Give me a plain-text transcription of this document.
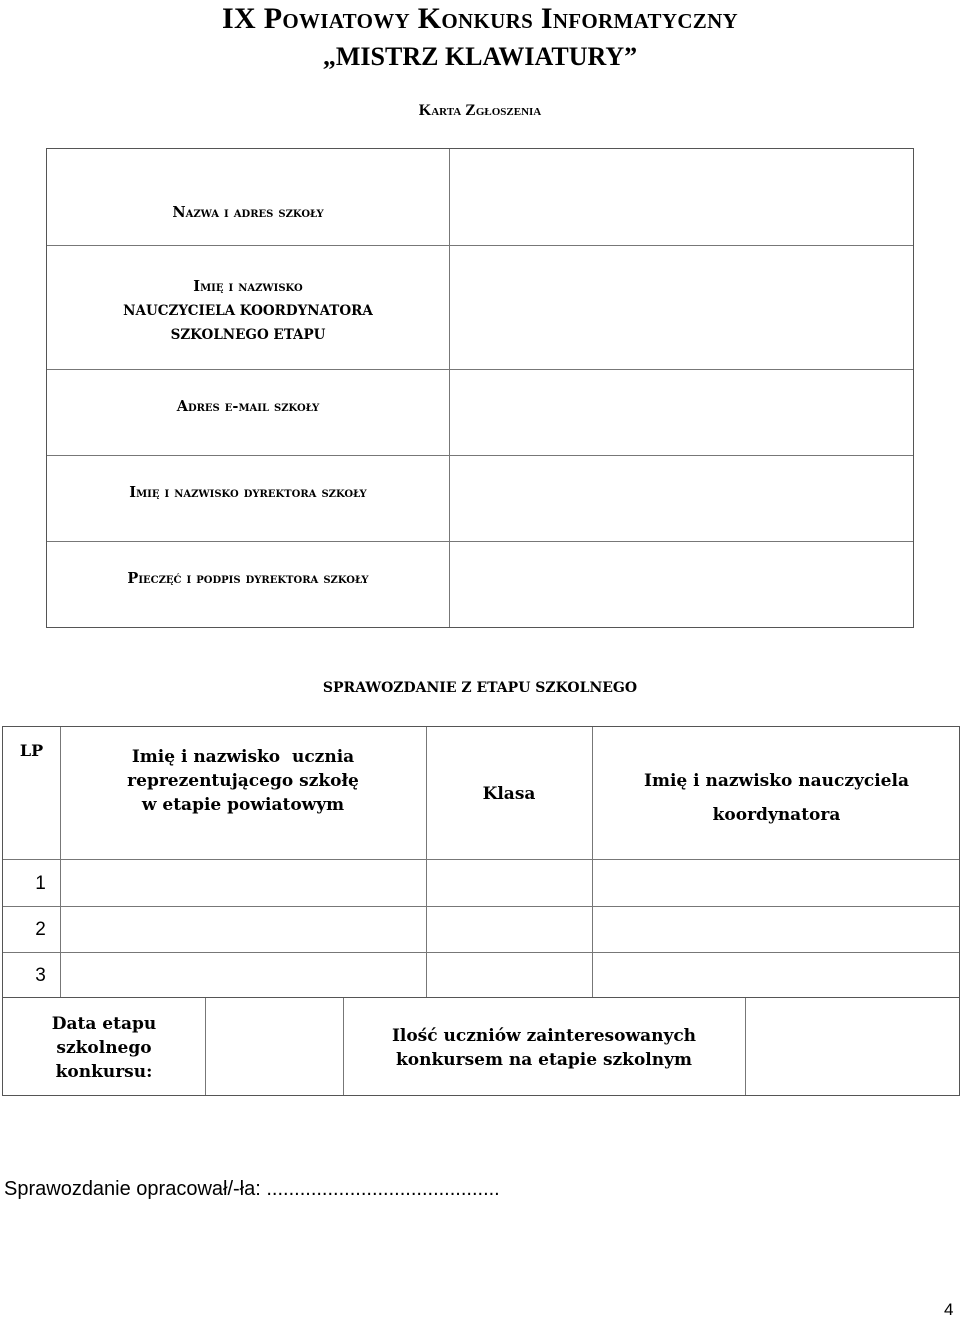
IX Powiatowy Konkurs Informatyczny
„MISTRZ KLAWIATURY”
Karta Zgłoszenia
Nazwa i adres szkoły
Imię i nazwisko
NAUCZYCIELA KOORDYNATORA
SZKOLNEGO ETAPU
Adres e-mail szkoły
Imię i nazwisko dyrektora szkoły
Pieczęć i podpis dyrektora szkoły
SPRAWOZDANIE Z ETAPU SZKOLNEGO
LP	Imię i nazwisko  ucznia
reprezentującego szkołę
w etapie powiatowym
Klasa
Imię i nazwisko nauczyciela
koordynatora
1
2
3
Data etapu
szkolnego
konkursu:
Ilość uczniów zainteresowanych
konkursem na etapie szkolnym
Sprawozdanie opracował/-ła: ..........................................
4
